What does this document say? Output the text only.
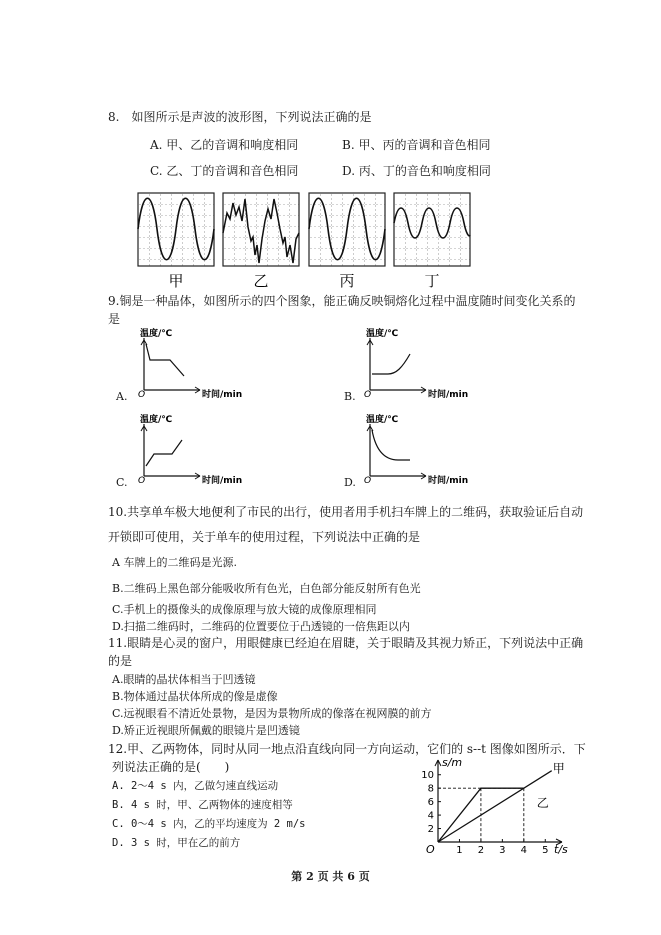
8.　如图所示是声波的波形图，下列说法正确的是
A. 甲、乙的音调和响度相同	B. 甲、丙的音调和音色相同
C. 乙、丁的音调和音色相同	D. 丙、丁的音色和响度相同
甲	乙	丙	丁
9.铜是一种晶体，如图所示的四个图象，能正确反映铜熔化过程中温度随时间变化关系的
是
温度/℃
O	时间/min
A.
温度/℃
O	时间/min
B.
温度/℃
O	时间/min
C.
温度/℃
O	时间/min
D.
10.共享单车极大地便利了市民的出行，使用者用手机扫车牌上的二维码，获取验证后自动
开锁即可使用，关于单车的使用过程，下列说法中正确的是
A 车牌上的二维码是光源.
B.二维码上黑色部分能吸收所有色光，白色部分能反射所有色光
C.手机上的摄像头的成像原理与放大镜的成像原理相同
D.扫描二维码时，二维码的位置要位于凸透镜的一倍焦距以内
11.眼睛是心灵的窗户，用眼健康已经迫在眉睫，关于眼睛及其视力矫正，下列说法中正确
的是
A.眼睛的晶状体相当于凹透镜
B.物体通过晶状体所成的像是虚像
C.远视眼看不清近处景物，是因为景物所成的像落在视网膜的前方
D.矫正近视眼所佩戴的眼镜片是凹透镜
12.甲、乙两物体，同时从同一地点沿直线向同一方向运动，它们的 s--t 图像如图所示．下
列说法正确的是(　　)
A. 2～4 s 内，乙做匀速直线运动
B. 4 s 时，甲、乙两物体的速度相等
C. 0～4 s 内，乙的平均速度为 2 m/s
D. 3 s 时，甲在乙的前方
1 2 3 4 5
2
4
6
8
10
s/m
t/s
O
甲
乙
第 2 页 共 6 页
